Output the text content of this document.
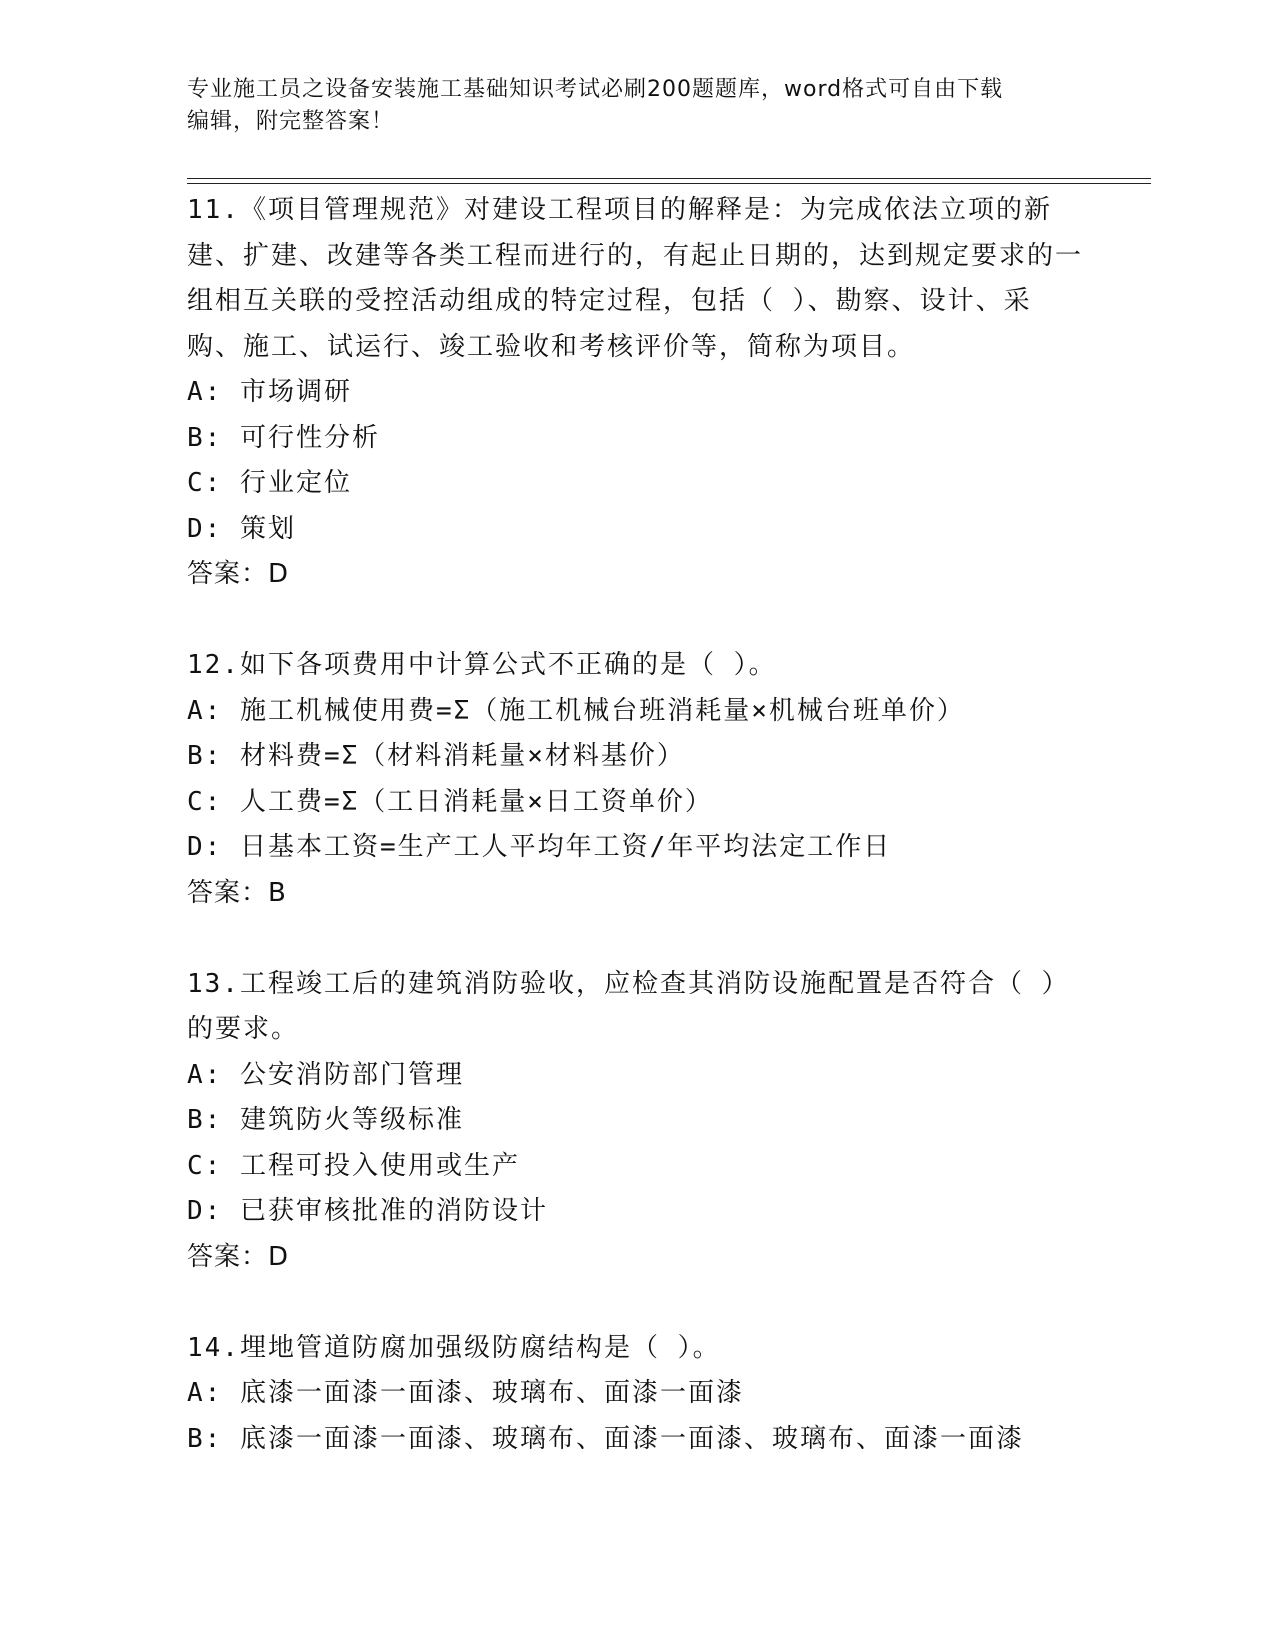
专业施工员之设备安装施工基础知识考试必刷200题题库，word格式可自由下载
编辑，附完整答案！
11.《项目管理规范》对建设工程项目的解释是：为完成依法立项的新建、扩建、改建等各类工程而进行的，有起止日期的，达到规定要求的一组相互关联的受控活动组成的特定过程，包括（ ）、勘察、设计、采购、施工、试运行、竣工验收和考核评价等，简称为项目。
A: 市场调研
B: 可行性分析
C: 行业定位
D: 策划
答案：D
12.如下各项费用中计算公式不正确的是（ ）。
A: 施工机械使用费=Σ（施工机械台班消耗量×机械台班单价）
B: 材料费=Σ（材料消耗量×材料基价）
C: 人工费=Σ（工日消耗量×日工资单价）
D: 日基本工资=生产工人平均年工资/年平均法定工作日
答案：B
13.工程竣工后的建筑消防验收，应检查其消防设施配置是否符合（ ）的要求。
A: 公安消防部门管理
B: 建筑防火等级标准
C: 工程可投入使用或生产
D: 已获审核批准的消防设计
答案：D
14.埋地管道防腐加强级防腐结构是（ ）。
A: 底漆一面漆一面漆、玻璃布、面漆一面漆
B: 底漆一面漆一面漆、玻璃布、面漆一面漆、玻璃布、面漆一面漆
